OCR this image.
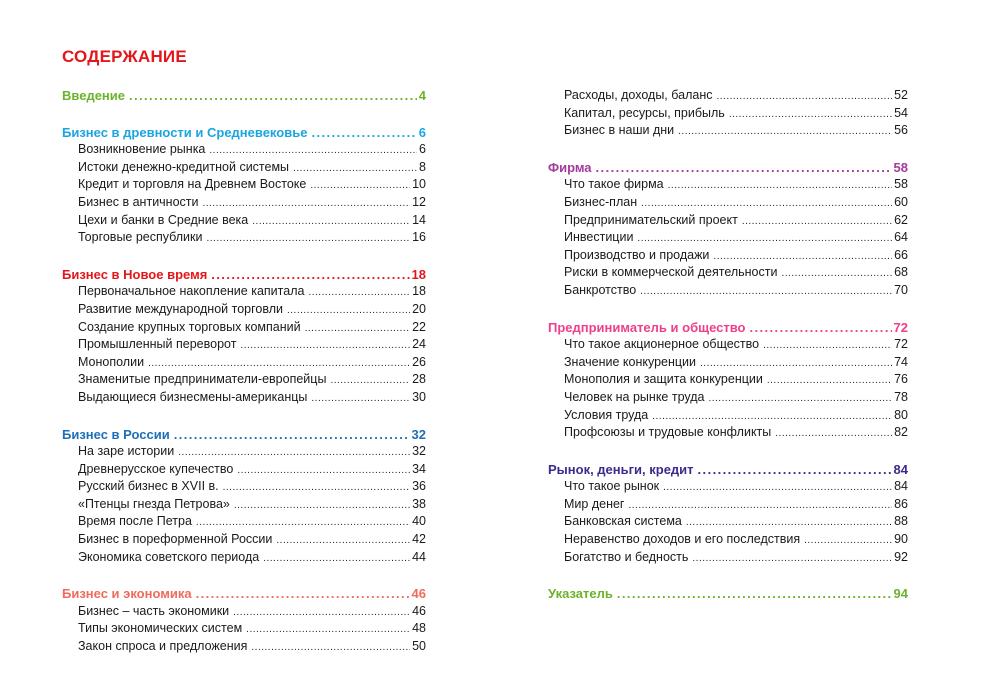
СОДЕРЖАНИЕ
Введение .....	4
Бизнес в древности и Средневековье .....	6
Возникновение рынка .....	6
Истоки денежно-кредитной системы .....	8
Кредит и торговля на Древнем Востоке .....	10
Бизнес в античности .....	12
Цехи и банки в Средние века .....	14
Торговые республики .....	16
Бизнес в Новое время .....	18
Первоначальное накопление капитала .....	18
Развитие международной торговли .....	20
Создание крупных торговых компаний .....	22
Промышленный переворот .....	24
Монополии .....	26
Знаменитые предприниматели-европейцы .....	28
Выдающиеся бизнесмены-американцы .....	30
Бизнес в России .....	32
На заре истории .....	32
Древнерусское купечество .....	34
Русский бизнес в XVII в. .....	36
«Птенцы гнезда Петрова» .....	38
Время после Петра .....	40
Бизнес в пореформенной России .....	42
Экономика советского периода .....	44
Бизнес и экономика .....	46
Бизнес – часть экономики .....	46
Типы экономических систем .....	48
Закон спроса и предложения .....	50
Расходы, доходы, баланс .....	52
Капитал, ресурсы, прибыль .....	54
Бизнес в наши дни .....	56
Фирма .....	58
Что такое фирма .....	58
Бизнес-план .....	60
Предпринимательский проект .....	62
Инвестиции .....	64
Производство и продажи .....	66
Риски в коммерческой деятельности .....	68
Банкротство .....	70
Предприниматель и общество .....	72
Что такое акционерное общество .....	72
Значение конкуренции .....	74
Монополия и защита конкуренции .....	76
Человек на рынке труда .....	78
Условия труда .....	80
Профсоюзы и трудовые конфликты .....	82
Рынок, деньги, кредит .....	84
Что такое рынок .....	84
Мир денег .....	86
Банковская система .....	88
Неравенство доходов и его последствия .....	90
Богатство и бедность .....	92
Указатель .....	94
